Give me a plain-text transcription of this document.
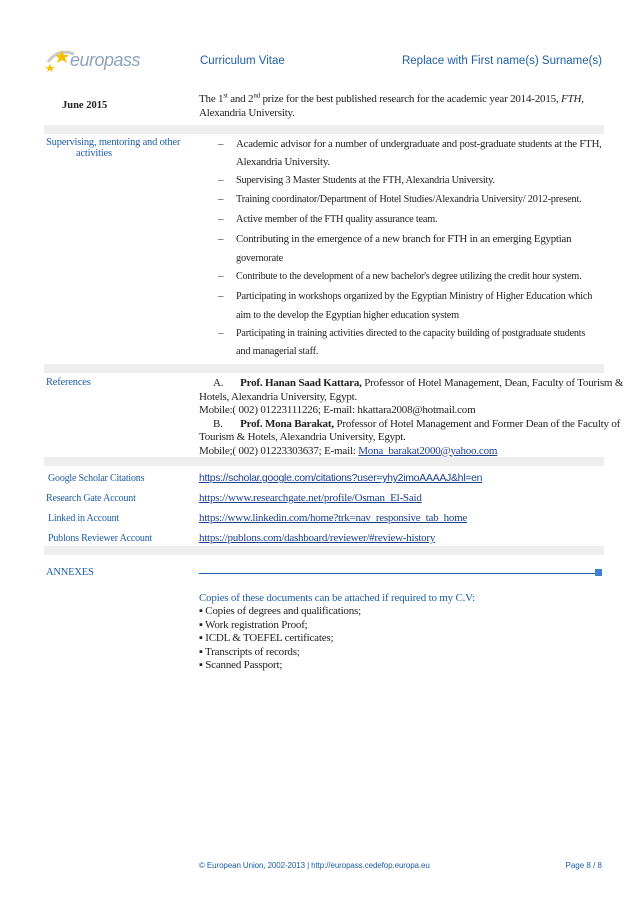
europass	Curriculum Vitae	Replace with First name(s) Surname(s)
June 2015
The 1st and 2nd prize for the best published research for the academic year 2014-2015, FTH,
Alexandria University.
Supervising, mentoring and other
activities
– Academic advisor for a number of undergraduate and post-graduate students at the FTH,
Alexandria University.
– Supervising 3 Master Students at the FTH, Alexandria University.
– Training coordinator/Department of Hotel Studies/Alexandria University/ 2012-present.
– Active member of the FTH quality assurance team.
– Contributing in the emergence of a new branch for FTH in an emerging Egyptian
governorate
– Contribute to the development of a new bachelor's degree utilizing the credit hour system.
– Participating in workshops organized by the Egyptian Ministry of Higher Education which
aim to the develop the Egyptian higher education system
– Participating in training activities directed to the capacity building of postgraduate students
and managerial staff.
References	A. Prof. Hanan Saad Kattara, Professor of Hotel Management, Dean, Faculty of Tourism &
Hotels, Alexandria University, Egypt.
Mobile:( 002) 01223111226; E-mail: hkattara2008@hotmail.com
B. Prof. Mona Barakat, Professor of Hotel Management and Former Dean of the Faculty of
Tourism & Hotels, Alexandria University, Egypt.
Mobile;( 002) 01223303637; E-mail: Mona_barakat2000@yahoo.com
Google Scholar Citations	https://scholar.google.com/citations?user=yhy2imoAAAAJ&hl=en
Research Gate Account	https://www.researchgate.net/profile/Osman_El-Said
Linked in Account	https://www.linkedin.com/home?trk=nav_responsive_tab_home
Publons Reviewer Account	https://publons.com/dashboard/reviewer/#review-history
ANNEXES
Copies of these documents can be attached if required to my C.V:
▪ Copies of degrees and qualifications;
▪ Work registration Proof;
▪ ICDL & TOEFEL certificates;
▪ Transcripts of records;
▪ Scanned Passport;
© European Union, 2002-2013 | http://europass.cedefop.europa.eu	Page 8 / 8
